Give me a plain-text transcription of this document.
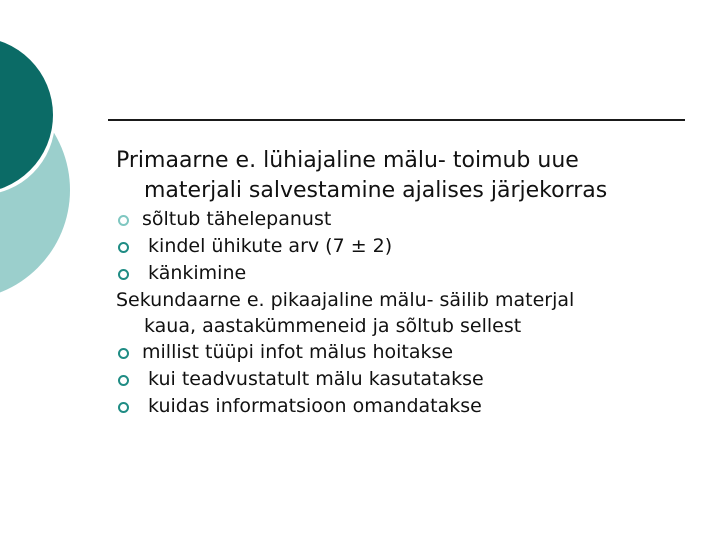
Primaarne e. lühiajaline mälu- toimub uue
materjali salvestamine ajalises järjekorras

sõltub tähelepanust
kindel ühikute arv (7 ± 2)
känkimine

Sekundaarne e. pikaajaline mälu- säilib materjal
kaua, aastakümmeneid ja sõltub sellest

millist tüüpi infot mälus hoitakse
kui teadvustatult mälu kasutatakse
kuidas informatsioon omandatakse
